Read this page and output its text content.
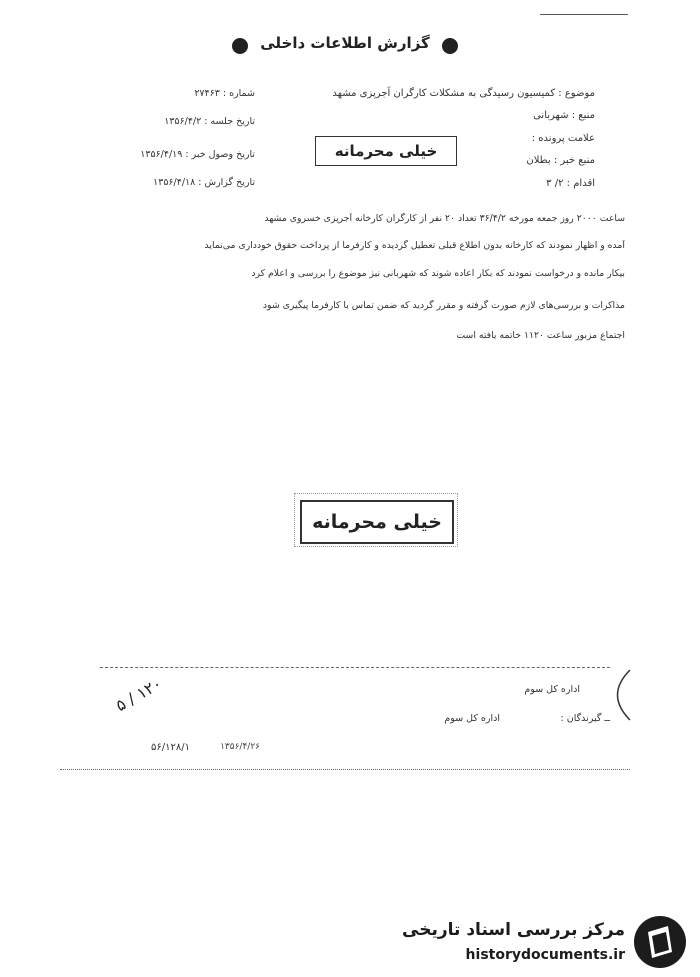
گزارش اطلاعات داخلی
موضوع : کمیسیون رسیدگی به مشکلات کارگران آجرپزی مشهد
منبع : شهربانی
علامت پرونده :
منبع خبر : بطلان
اقدام : ۲/ ۳
خیلی محرمانه
شماره : ۲۷۴۶۳
تاریخ جلسه : ۱۳۵۶/۴/۲
تاریخ وصول خبر : ۱۳۵۶/۴/۱۹
تاریخ گزارش : ۱۳۵۶/۴/۱۸
ساعت ۲۰۰۰ روز جمعه مورخه ۳۶/۴/۲ تعداد ۲۰ نفر از کارگران کارخانه آجرپزی خسروی مشهد
آمده و اظهار نمودند که کارخانه بدون اطلاع قبلی تعطیل گردیده و کارفرما از پرداخت حقوق خودداری می‌نماید
بیکار مانده و درخواست نمودند که بکار اعاده شوند که شهربانی نیز موضوع را بررسی و اعلام کرد
مذاکرات و بررسی‌های لازم صورت گرفته و مقرر گردید که ضمن تماس با کارفرما پیگیری شود
اجتماع مزبور ساعت ۱۱۲۰ خاتمه یافته است
خیلی محرمانه
اداره کل سوم
ــ گیرندگان :
اداره کل سوم
۱۲۰ / ۵
۵۶/۱۲۸/۱	۱۳۵۶/۴/۲۶
مرکز بررسی اسناد تاریخی
historydocuments.ir
